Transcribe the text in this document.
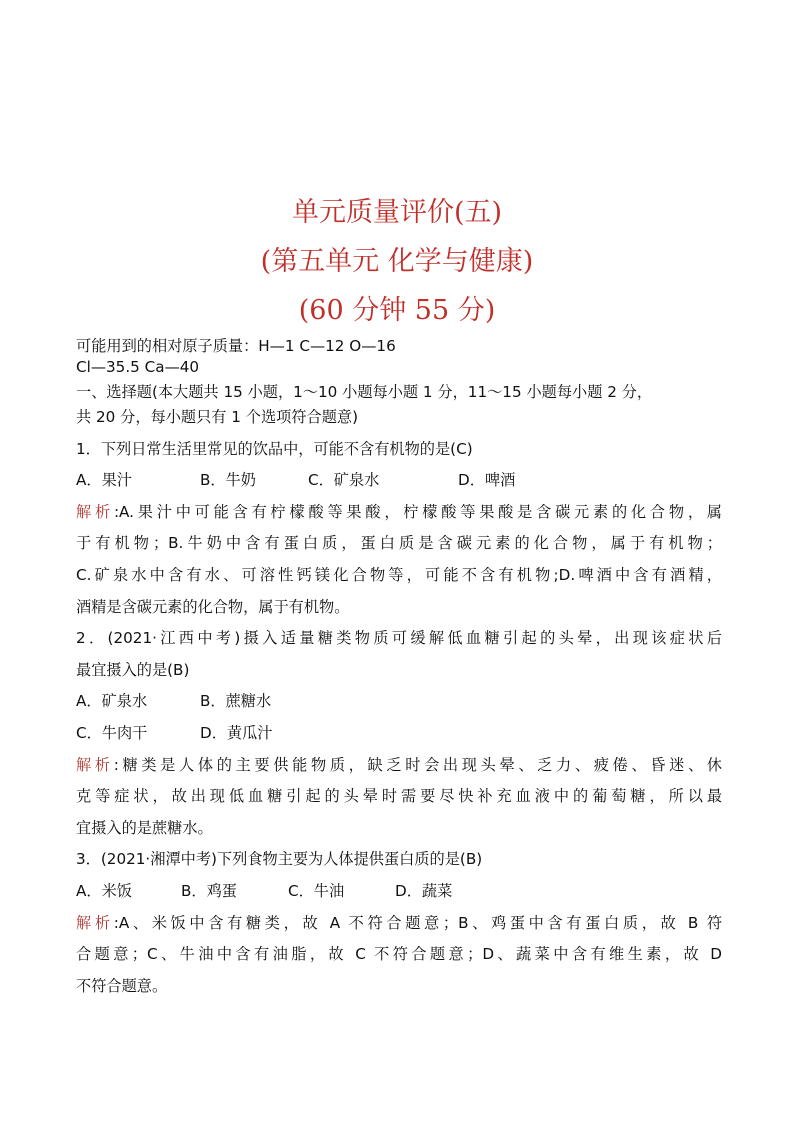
单元质量评价(五)
(第五单元 化学与健康)
(60 分钟 55 分)
可能用到的相对原子质量：H—1 C—12 O—16
Cl—35.5 Ca—40
一、选择题(本大题共 15 小题，1～10 小题每小题 1 分，11～15 小题每小题 2 分，
共 20 分，每小题只有 1 个选项符合题意)
1．下列日常生活里常见的饮品中，可能不含有机物的是(C)
A．果汁	B．牛奶	C．矿泉水	D．啤酒
解析:A.果汁中可能含有柠檬酸等果酸，柠檬酸等果酸是含碳元素的化合物，属
于有机物；B.牛奶中含有蛋白质，蛋白质是含碳元素的化合物，属于有机物；
C.矿泉水中含有水、可溶性钙镁化合物等，可能不含有机物;D.啤酒中含有酒精，
酒精是含碳元素的化合物，属于有机物。
2．(2021·江西中考)摄入适量糖类物质可缓解低血糖引起的头晕，出现该症状后
最宜摄入的是(B)
A．矿泉水	B．蔗糖水
C．牛肉干	D．黄瓜汁
解析:糖类是人体的主要供能物质，缺乏时会出现头晕、乏力、疲倦、昏迷、休
克等症状，故出现低血糖引起的头晕时需要尽快补充血液中的葡萄糖，所以最
宜摄入的是蔗糖水。
3．(2021·湘潭中考)下列食物主要为人体提供蛋白质的是(B)
A．米饭	B．鸡蛋	C．牛油	D．蔬菜
解析:A、米饭中含有糖类，故 A 不符合题意；B、鸡蛋中含有蛋白质，故 B 符
合题意；C、牛油中含有油脂，故 C 不符合题意；D、蔬菜中含有维生素，故 D
不符合题意。
